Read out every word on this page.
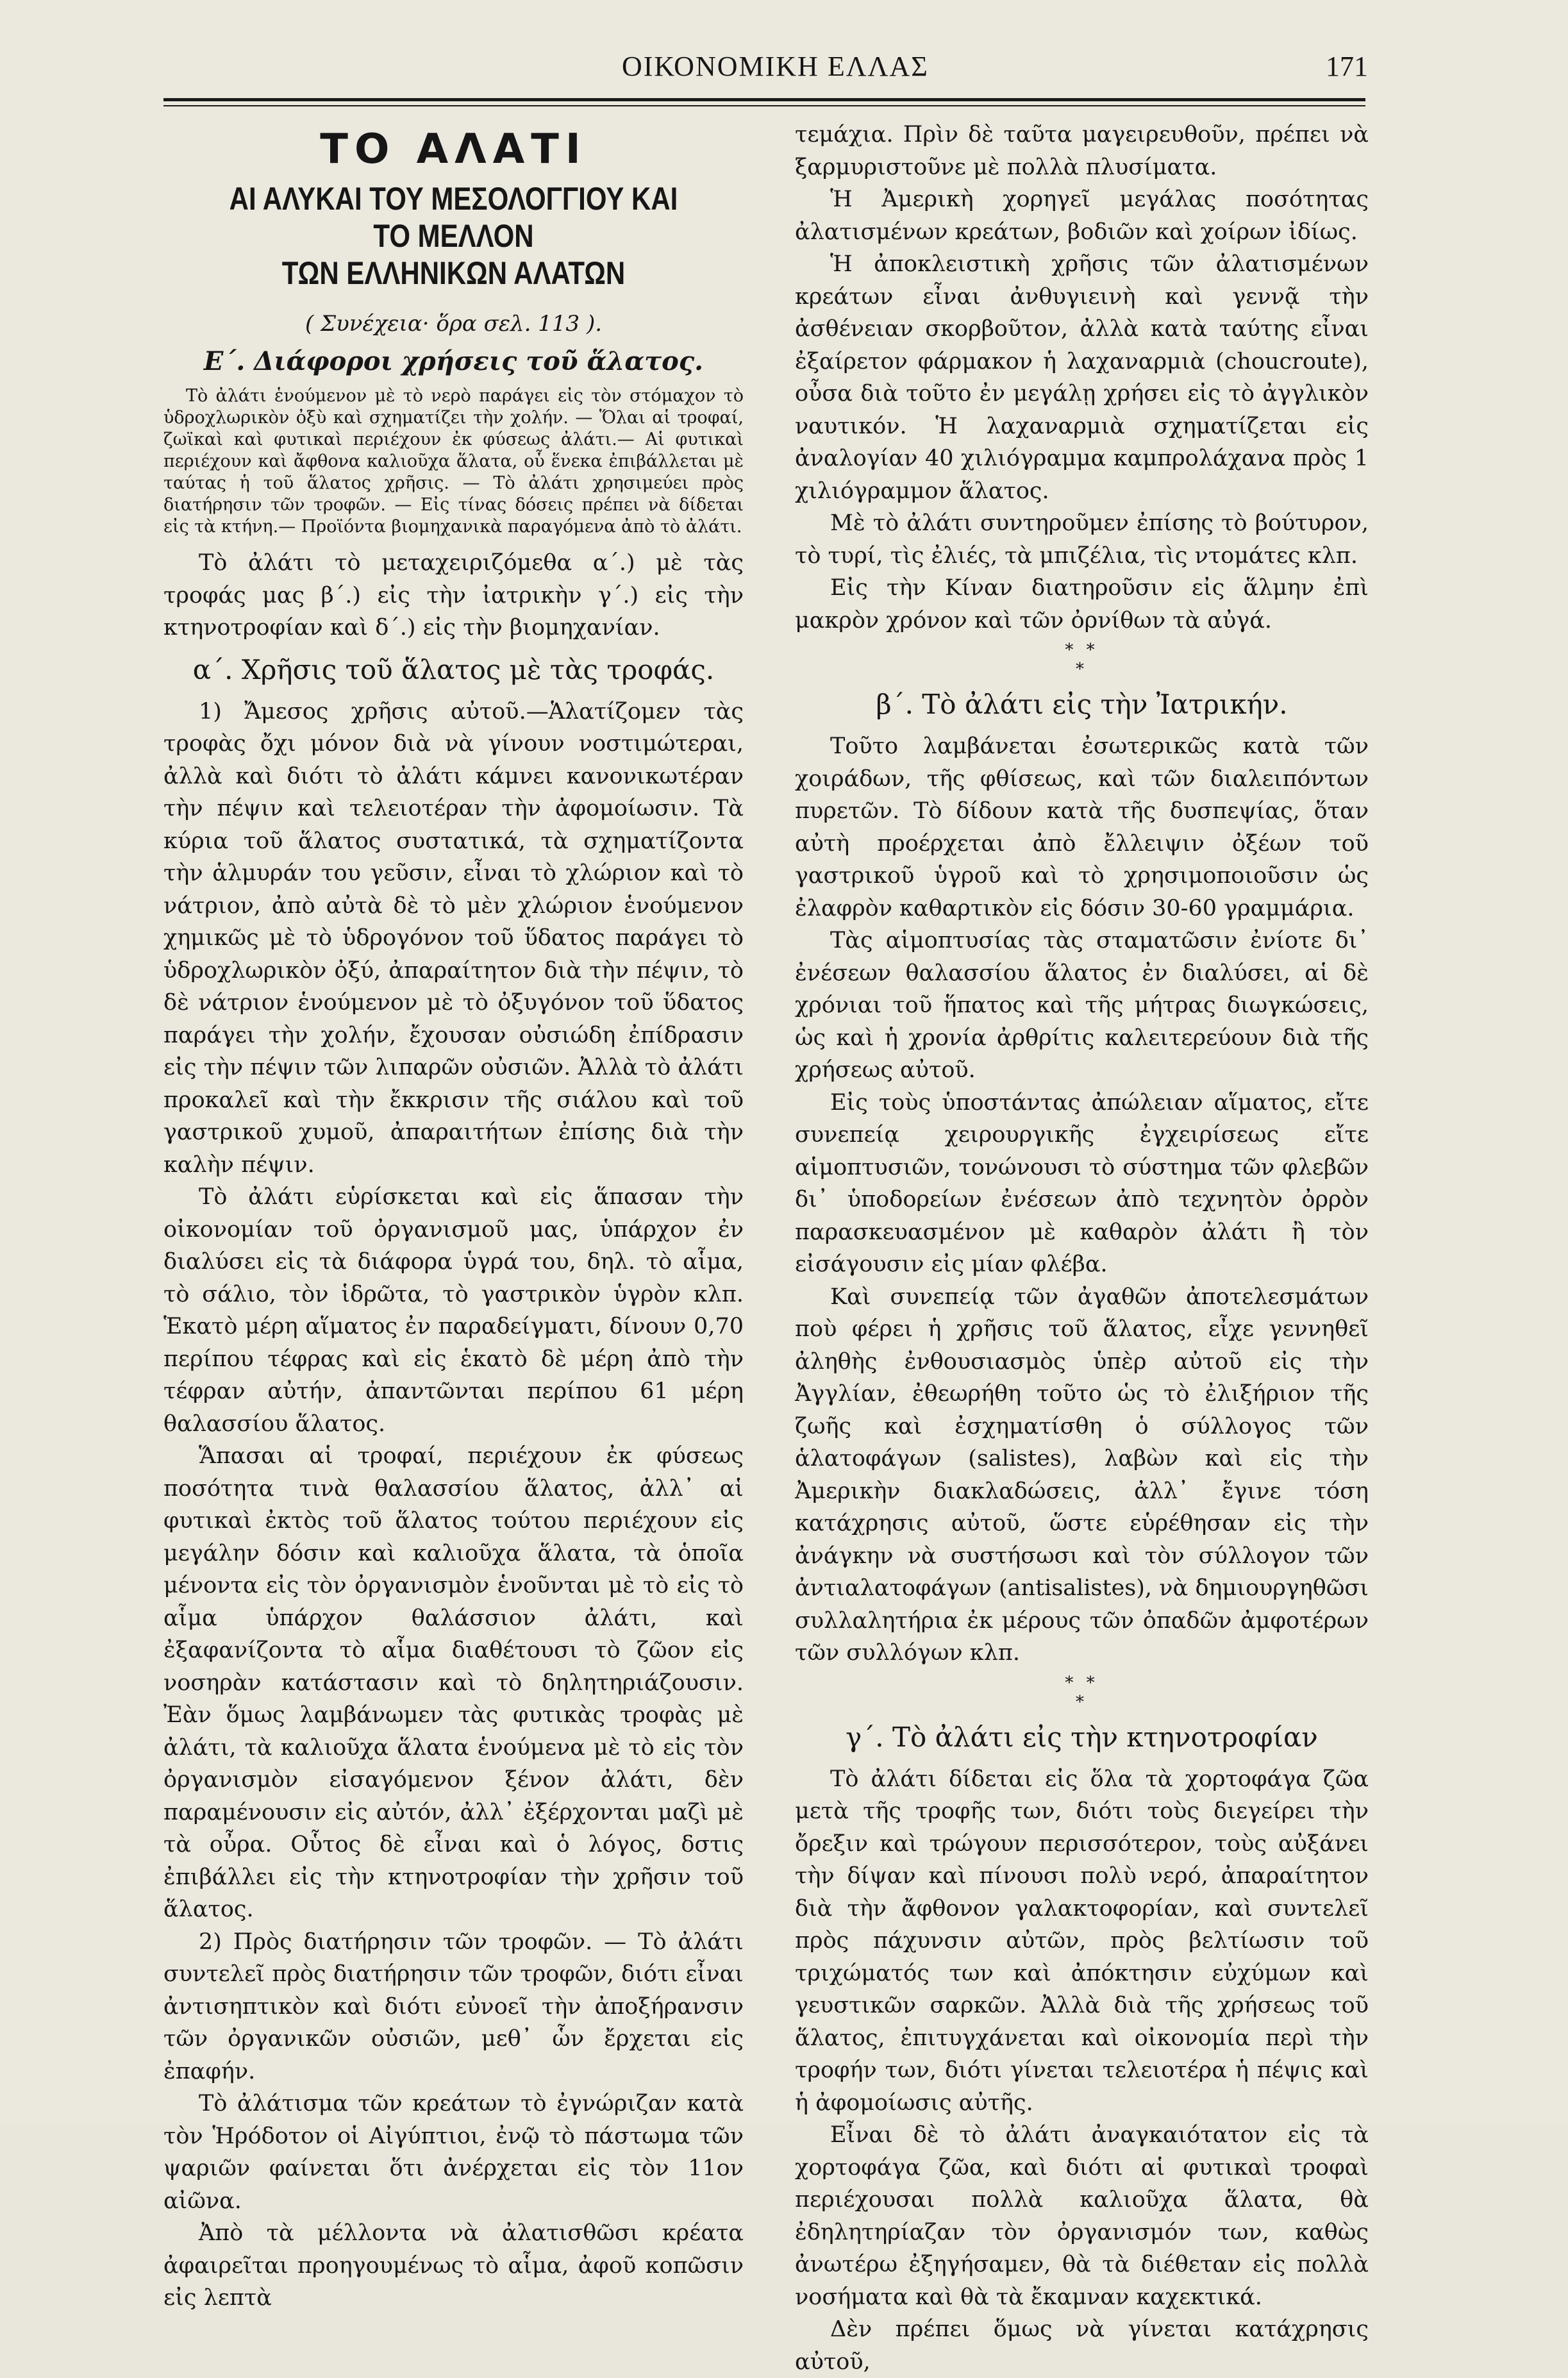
ΟΙΚΟΝΟΜΙΚΗ ΕΛΛΑΣ	171
ΤΟ ΑΛΑΤΙ
ΑΙ ΑΛΥΚΑΙ ΤΟΥ ΜΕΣΟΛΟΓΓΙΟΥ ΚΑΙ ΤΟ ΜΕΛΛΟΝ
ΤΩΝ ΕΛΛΗΝΙΚΩΝ ΑΛΑΤΩΝ
( Συνέχεια· ὅρα σελ. 113 ).
Ε΄. Διάφοροι χρήσεις τοῦ ἅλατος.

Τὸ ἀλάτι ἑνούμενον μὲ τὸ νερὸ παράγει εἰς τὸν στόμαχον τὸ ὑδροχλωρικὸν ὀξὺ καὶ σχηματίζει τὴν χολήν. — Ὅλαι αἱ τροφαί, ζωϊκαὶ καὶ φυτικαὶ περιέχουν ἐκ φύσεως ἀλάτι.— Αἱ φυτικαὶ περιέχουν καὶ ἄφθονα καλιοῦχα ἅλατα, οὗ ἕνεκα ἐπιβάλλεται μὲ ταύτας ἡ τοῦ ἅλατος χρῆσις. — Τὸ ἀλάτι χρησιμεύει πρὸς διατήρησιν τῶν τροφῶν. — Εἰς τίνας δόσεις πρέπει νὰ δίδεται εἰς τὰ κτήνη.— Προϊόντα βιομηχανικὰ παραγόμενα ἀπὸ τὸ ἀλάτι.

Τὸ ἀλάτι τὸ μεταχειριζόμεθα α΄.) μὲ τὰς τροφάς μας β΄.) εἰς τὴν ἰατρικὴν γ΄.) εἰς τὴν κτηνοτροφίαν καὶ δ΄.) εἰς τὴν βιομηχανίαν.

α΄. Χρῆσις τοῦ ἅλατος μὲ τὰς τροφάς.

1) Ἄμεσος χρῆσις αὐτοῦ.—Ἁλατίζομεν τὰς τροφὰς ὄχι μόνον διὰ νὰ γίνουν νοστιμώτεραι, ἀλλὰ καὶ διότι τὸ ἀλάτι κάμνει κανονικωτέραν τὴν πέψιν καὶ τελειοτέραν τὴν ἀφομοίωσιν. Τὰ κύρια τοῦ ἅλατος συστατικά, τὰ σχηματίζοντα τὴν ἁλμυράν του γεῦσιν, εἶναι τὸ χλώριον καὶ τὸ νάτριον, ἀπὸ αὐτὰ δὲ τὸ μὲν χλώριον ἑνούμενον χημικῶς μὲ τὸ ὑδρογόνον τοῦ ὕδατος παράγει τὸ ὑδροχλωρικὸν ὀξύ, ἀπαραίτητον διὰ τὴν πέψιν, τὸ δὲ νάτριον ἑνούμενον μὲ τὸ ὀξυγόνον τοῦ ὕδατος παράγει τὴν χολήν, ἔχουσαν οὐσιώδη ἐπίδρασιν εἰς τὴν πέψιν τῶν λιπαρῶν οὐσιῶν. Ἀλλὰ τὸ ἀλάτι προκαλεῖ καὶ τὴν ἔκκρισιν τῆς σιάλου καὶ τοῦ γαστρικοῦ χυμοῦ, ἀπαραιτήτων ἐπίσης διὰ τὴν καλὴν πέψιν.

Τὸ ἀλάτι εὑρίσκεται καὶ εἰς ἅπασαν τὴν οἰκονομίαν τοῦ ὀργανισμοῦ μας, ὑπάρχον ἐν διαλύσει εἰς τὰ διάφορα ὑγρά του, δηλ. τὸ αἷμα, τὸ σάλιο, τὸν ἱδρῶτα, τὸ γαστρικὸν ὑγρὸν κλπ. Ἑκατὸ μέρη αἵματος ἐν παραδείγματι, δίνουν 0,70 περίπου τέφρας καὶ εἰς ἑκατὸ δὲ μέρη ἀπὸ τὴν τέφραν αὐτήν, ἀπαντῶνται περίπου 61 μέρη θαλασσίου ἅλατος.

Ἅπασαι αἱ τροφαί, περιέχουν ἐκ φύσεως ποσότητα τινὰ θαλασσίου ἅλατος, ἀλλ᾽ αἱ φυτικαὶ ἐκτὸς τοῦ ἅλατος τούτου περιέχουν εἰς μεγάλην δόσιν καὶ καλιοῦχα ἅλατα, τὰ ὁποῖα μένοντα εἰς τὸν ὀργανισμὸν ἑνοῦνται μὲ τὸ εἰς τὸ αἷμα ὑπάρχον θαλάσσιον ἀλάτι, καὶ ἐξαφανίζοντα τὸ αἷμα διαθέτουσι τὸ ζῶον εἰς νοσηρὰν κατάστασιν καὶ τὸ δηλητηριάζουσιν. Ἐὰν ὅμως λαμβάνωμεν τὰς φυτικὰς τροφὰς μὲ ἀλάτι, τὰ καλιοῦχα ἅλατα ἑνούμενα μὲ τὸ εἰς τὸν ὀργανισμὸν εἰσαγόμενον ξένον ἀλάτι, δὲν παραμένουσιν εἰς αὐτόν, ἀλλ᾽ ἐξέρχονται μαζὶ μὲ τὰ οὖρα. Οὗτος δὲ εἶναι καὶ ὁ λόγος, δστις ἐπιβάλλει εἰς τὴν κτηνοτροφίαν τὴν χρῆσιν τοῦ ἅλατος.

2) Πρὸς διατήρησιν τῶν τροφῶν. — Τὸ ἀλάτι συντελεῖ πρὸς διατήρησιν τῶν τροφῶν, διότι εἶναι ἀντισηπτικὸν καὶ διότι εὐνοεῖ τὴν ἀποξήρανσιν τῶν ὀργανικῶν οὐσιῶν, μεθ᾽ ὧν ἔρχεται εἰς ἐπαφήν.

Τὸ ἀλάτισμα τῶν κρεάτων τὸ ἐγνώριζαν κατὰ τὸν Ἡρόδοτον οἱ Αἰγύπτιοι, ἐνῷ τὸ πάστωμα τῶν ψαριῶν φαίνεται ὅτι ἀνέρχεται εἰς τὸν 11ον αἰῶνα.

Ἀπὸ τὰ μέλλοντα νὰ ἀλατισθῶσι κρέατα ἀφαιρεῖται προηγουμένως τὸ αἷμα, ἀφοῦ κοπῶσιν εἰς λεπτὰ

τεμάχια. Πρὶν δὲ ταῦτα μαγειρευθοῦν, πρέπει νὰ ξαρμυριστοῦνε μὲ πολλὰ πλυσίματα.

Ἡ Ἀμερικὴ χορηγεῖ μεγάλας ποσότητας ἀλατισμένων κρεάτων, βοδιῶν καὶ χοίρων ἰδίως.

Ἡ ἀποκλειστικὴ χρῆσις τῶν ἀλατισμένων κρεάτων εἶναι ἀνθυγιεινὴ καὶ γεννᾷ τὴν ἀσθένειαν σκορβοῦτον, ἀλλὰ κατὰ ταύτης εἶναι ἐξαίρετον φάρμακον ἡ λαχαναρμιὰ (choucroute), οὖσα διὰ τοῦτο ἐν μεγάλῃ χρήσει εἰς τὸ ἀγγλικὸν ναυτικόν. Ἡ λαχαναρμιὰ σχηματίζεται εἰς ἀναλογίαν 40 χιλιόγραμμα καμπρολάχανα πρὸς 1 χιλιόγραμμον ἅλατος.

Μὲ τὸ ἀλάτι συντηροῦμεν ἐπίσης τὸ βούτυρον, τὸ τυρί, τὶς ἐλιές, τὰ μπιζέλια, τὶς ντομάτες κλπ.

Εἰς τὴν Κίναν διατηροῦσιν εἰς ἅλμην ἐπὶ μακρὸν χρόνον καὶ τῶν ὀρνίθων τὰ αὐγά.

* *
*
β΄. Τὸ ἀλάτι εἰς τὴν Ἰατρικήν.

Τοῦτο λαμβάνεται ἐσωτερικῶς κατὰ τῶν χοιράδων, τῆς φθίσεως, καὶ τῶν διαλειπόντων πυρετῶν. Τὸ δίδουν κατὰ τῆς δυσπεψίας, ὅταν αὐτὴ προέρχεται ἀπὸ ἔλλειψιν ὀξέων τοῦ γαστρικοῦ ὑγροῦ καὶ τὸ χρησιμοποιοῦσιν ὡς ἐλαφρὸν καθαρτικὸν εἰς δόσιν 30-60 γραμμάρια.

Τὰς αἱμοπτυσίας τὰς σταματῶσιν ἐνίοτε δι᾽ ἐνέσεων θαλασσίου ἅλατος ἐν διαλύσει, αἱ δὲ χρόνιαι τοῦ ἥπατος καὶ τῆς μήτρας διωγκώσεις, ὡς καὶ ἡ χρονία ἀρθρίτις καλειτερεύουν διὰ τῆς χρήσεως αὐτοῦ.

Εἰς τοὺς ὑποστάντας ἀπώλειαν αἵματος, εἴτε συνεπείᾳ χειρουργικῆς ἐγχειρίσεως εἴτε αἱμοπτυσιῶν, τονώνουσι τὸ σύστημα τῶν φλεβῶν δι᾽ ὑποδορείων ἐνέσεων ἀπὸ τεχνητὸν ὀρρὸν παρασκευασμένον μὲ καθαρὸν ἀλάτι ἢ τὸν εἰσάγουσιν εἰς μίαν φλέβα.

Καὶ συνεπείᾳ τῶν ἀγαθῶν ἀποτελεσμάτων ποὺ φέρει ἡ χρῆσις τοῦ ἅλατος, εἶχε γεννηθεῖ ἀληθὴς ἐνθουσιασμὸς ὑπὲρ αὐτοῦ εἰς τὴν Ἀγγλίαν, ἐθεωρήθη τοῦτο ὡς τὸ ἐλιξήριον τῆς ζωῆς καὶ ἐσχηματίσθη ὁ σύλλογος τῶν ἁλατοφάγων (salistes), λαβὼν καὶ εἰς τὴν Ἀμερικὴν διακλαδώσεις, ἀλλ᾽ ἔγινε τόση κατάχρησις αὐτοῦ, ὥστε εὑρέθησαν εἰς τὴν ἀνάγκην νὰ συστήσωσι καὶ τὸν σύλλογον τῶν ἀντιαλατοφάγων (antisalistes), νὰ δημιουργηθῶσι συλλαλητήρια ἐκ μέρους τῶν ὀπαδῶν ἀμφοτέρων τῶν συλλόγων κλπ.

* *
*
γ΄. Τὸ ἀλάτι εἰς τὴν κτηνοτροφίαν

Τὸ ἀλάτι δίδεται εἰς ὅλα τὰ χορτοφάγα ζῶα μετὰ τῆς τροφῆς των, διότι τοὺς διεγείρει τὴν ὄρεξιν καὶ τρώγουν περισσότερον, τοὺς αὐξάνει τὴν δίψαν καὶ πίνουσι πολὺ νερό, ἀπαραίτητον διὰ τὴν ἄφθονον γαλακτοφορίαν, καὶ συντελεῖ πρὸς πάχυνσιν αὐτῶν, πρὸς βελτίωσιν τοῦ τριχώματός των καὶ ἀπόκτησιν εὐχύμων καὶ γευστικῶν σαρκῶν. Ἀλλὰ διὰ τῆς χρήσεως τοῦ ἅλατος, ἐπιτυγχάνεται καὶ οἰκονομία περὶ τὴν τροφήν των, διότι γίνεται τελειοτέρα ἡ πέψις καὶ ἡ ἀφομοίωσις αὐτῆς.

Εἶναι δὲ τὸ ἀλάτι ἀναγκαιότατον εἰς τὰ χορτοφάγα ζῶα, καὶ διότι αἱ φυτικαὶ τροφαὶ περιέχουσαι πολλὰ καλιοῦχα ἅλατα, θὰ ἐδηλητηρίαζαν τὸν ὀργανισμόν των, καθὼς ἀνωτέρω ἐξηγήσαμεν, θὰ τὰ διέθεταν εἰς πολλὰ νοσήματα καὶ θὰ τὰ ἔκαμναν καχεκτικά.

Δὲν πρέπει ὅμως νὰ γίνεται κατάχρησις αὐτοῦ,
